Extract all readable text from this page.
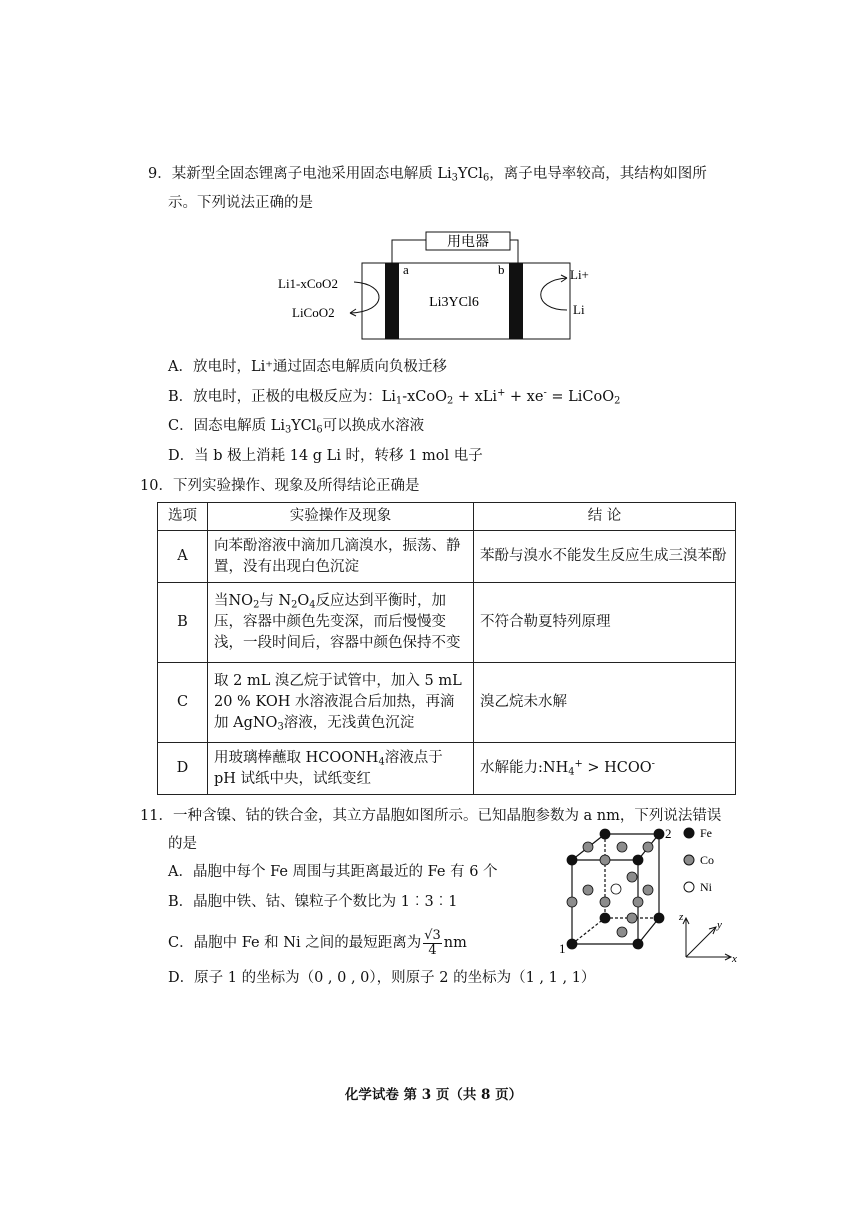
9．某新型全固态锂离子电池采用固态电解质 $Li_3YCl_6$，离子电导率较高，其结构如图所
示。下列说法正确的是
用电器
a	b
Li3YCl6
Li1-xCoO2
LiCoO2
Li+
Li
A．放电时，Li⁺通过固态电解质向负极迁移
B．放电时，正极的电极反应为：$Li_1-xCoO_2 + xLi^+ + xe^-$ = LiCoO$_2$
C．固态电解质 $Li_3YCl_6$可以换成水溶液
D．当 b 极上消耗 14 g Li 时，转移 1 mol 电子
10．下列实验操作、现象及所得结论正确是
选项	实验操作及现象	结 论
A	向苯酚溶液中滴加几滴溴水，振荡、静置，没有出现白色沉淀	苯酚与溴水不能发生反应生成三溴苯酚
B	当$NO_2$与 $N_2O_4$反应达到平衡时，加压，容器中颜色先变深，而后慢慢变浅，一段时间后，容器中颜色保持不变	不符合勒夏特列原理
C	取 2 mL 溴乙烷于试管中，加入 5 mL 20 % KOH 水溶液混合后加热，再滴加 AgNO$_3$溶液，无浅黄色沉淀	溴乙烷未水解
D	用玻璃棒蘸取 $HCOONH_4$溶液点于 pH 试纸中央，试纸变红	水解能力$:NH_4^+$ > HCOO-
11．一种含镍、钴的铁合金，其立方晶胞如图所示。已知晶胞参数为 a nm，下列说法错误
的是
A．晶胞中每个 Fe 周围与其距离最近的 Fe 有 6 个
B．晶胞中铁、钴、镍粒子个数比为 1︰3︰1
C．晶胞中 Fe 和 Ni 之间的最短距离为 $\frac{√3}{4}$ nm
D．原子 1 的坐标为（0 , 0 , 0），则原子 2 的坐标为（1 , 1 , 1）
1
2 Fe
Co
Ni
z
y
x
化学试卷 第 3 页（共 8 页）
